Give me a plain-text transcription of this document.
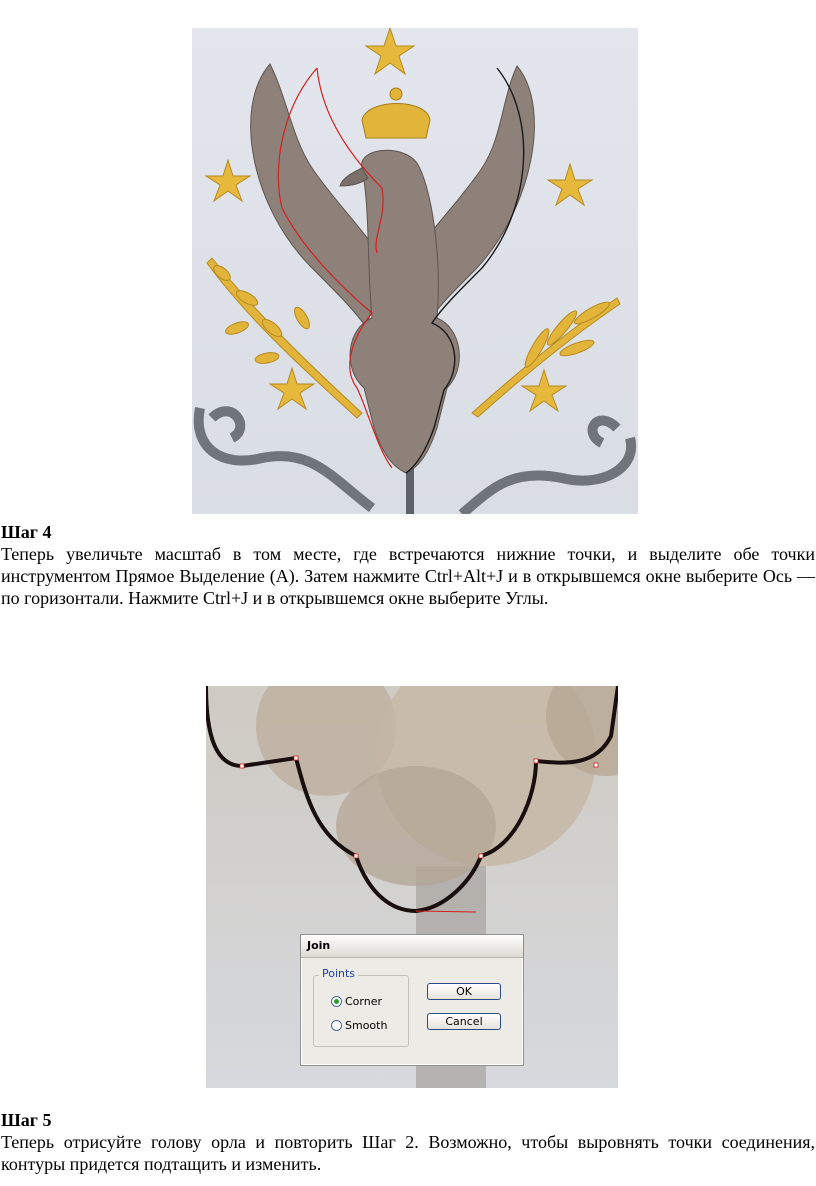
Шаг 4
Теперь увеличьте масштаб в том месте, где встречаются нижние точки, и выделите обе точки инструментом Прямое Выделение (А). Затем нажмите Ctrl+Alt+J и в открывшемся окне выберите Ось — по горизонтали. Нажмите Ctrl+J и в открывшемся окне выберите Углы.
Join
Points
Corner
Smooth
OK
Cancel
Шаг 5
Теперь отрисуйте голову орла и повторить Шаг 2. Возможно, чтобы выровнять точки соединения, контуры придется подтащить и изменить.
